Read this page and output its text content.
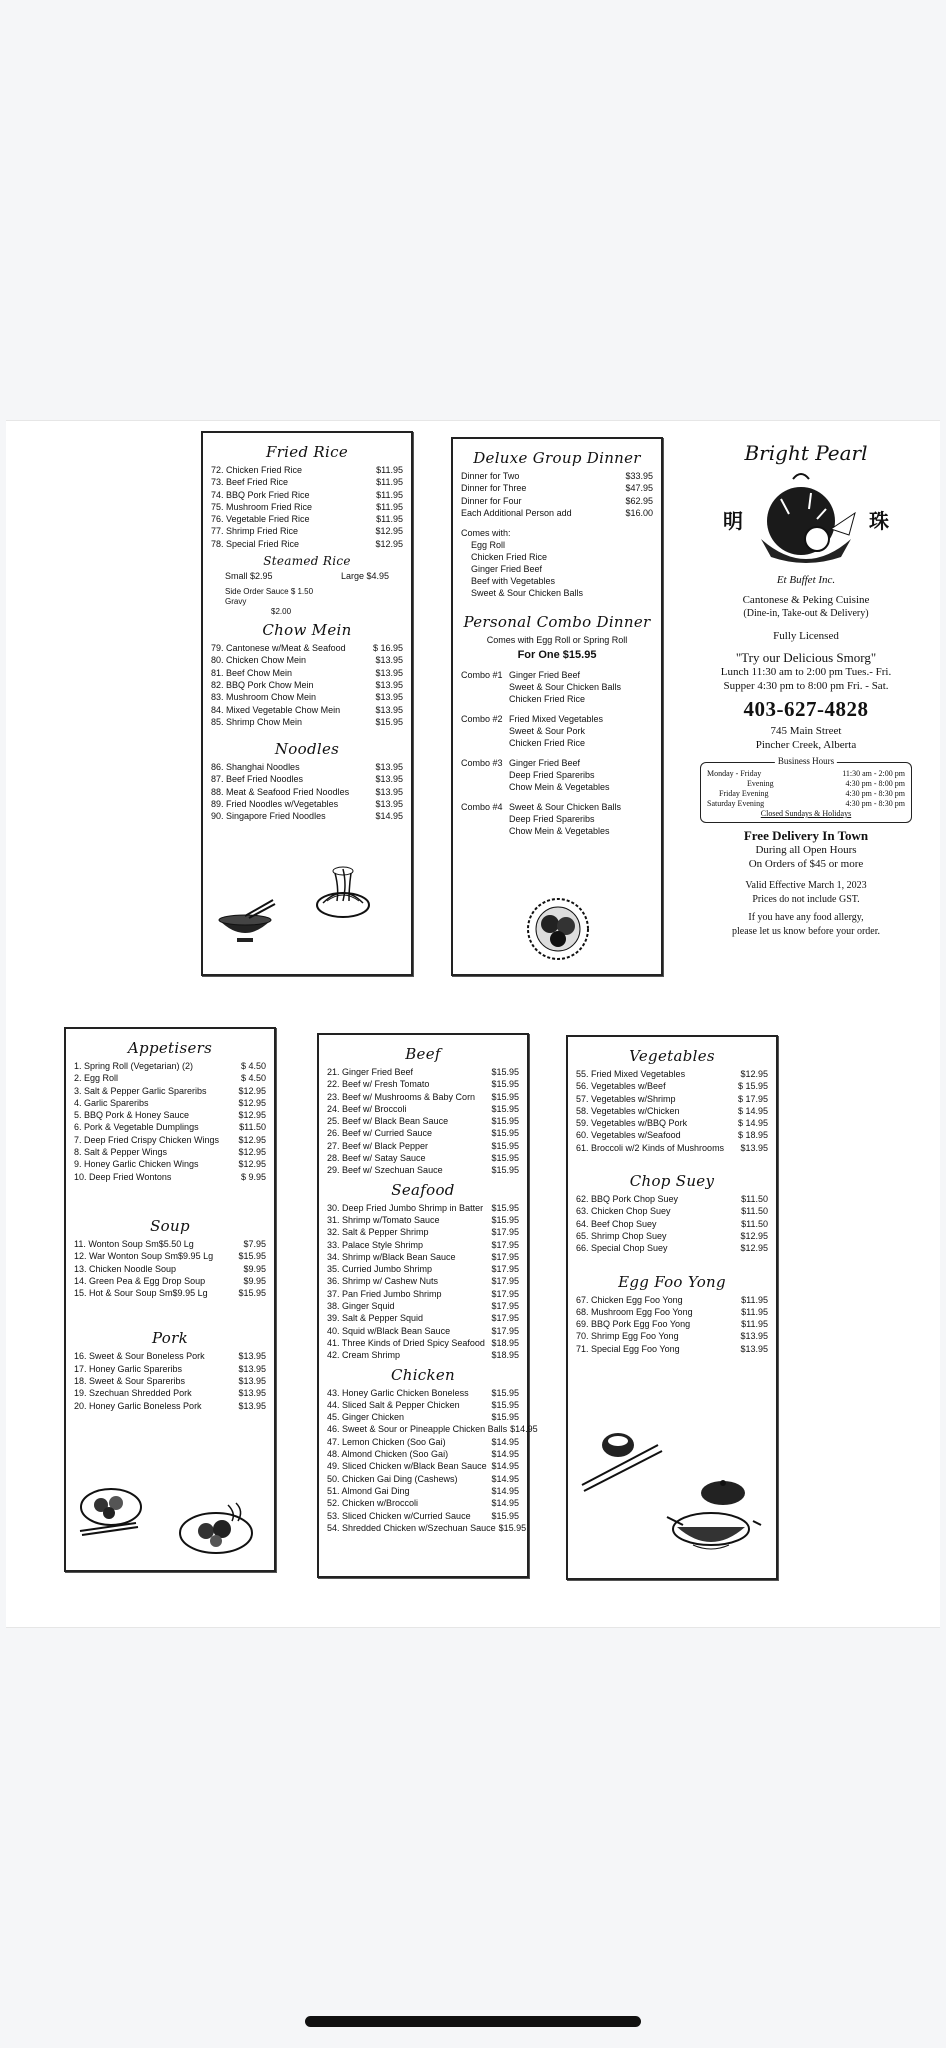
Fried Rice
72. Chicken Fried Rice	$11.95
73. Beef Fried Rice	$11.95
74. BBQ Pork Fried Rice	$11.95
75. Mushroom Fried Rice	$11.95
76. Vegetable Fried Rice	$11.95
77. Shrimp Fried Rice	$12.95
78. Special Fried Rice	$12.95
Steamed Rice
Small $2.95	Large $4.95
Side Order Sauce $ 1.50
Gravy
$2.00
Chow Mein
79. Cantonese w/Meat & Seafood	$ 16.95
80. Chicken Chow Mein	$13.95
81. Beef Chow Mein	$13.95
82. BBQ Pork Chow Mein	$13.95
83. Mushroom Chow Mein	$13.95
84. Mixed Vegetable Chow Mein	$13.95
85. Shrimp Chow Mein	$15.95
Noodles
86. Shanghai Noodles	$13.95
87. Beef Fried Noodles	$13.95
88. Meat & Seafood Fried Noodles	$13.95
89. Fried Noodles w/Vegetables	$13.95
90. Singapore Fried Noodles	$14.95
Deluxe Group Dinner
Dinner for Two	$33.95
Dinner for Three	$47.95
Dinner for Four	$62.95
Each Additional Person add	$16.00
Comes with:
Egg Roll
Chicken Fried Rice
Ginger Fried Beef
Beef with Vegetables
Sweet & Sour Chicken Balls
Personal Combo Dinner
Comes with Egg Roll or Spring Roll
For One $15.95
Combo #1 Ginger Fried Beef
Sweet & Sour Chicken Balls
Chicken Fried Rice
Combo #2 Fried Mixed Vegetables
Sweet & Sour Pork
Chicken Fried Rice
Combo #3 Ginger Fried Beef
Deep Fried Spareribs
Chow Mein & Vegetables
Combo #4 Sweet & Sour Chicken Balls
Deep Fried Spareribs
Chow Mein & Vegetables
Bright Pearl
明	珠
Et Buffet Inc.
Cantonese & Peking Cuisine
(Dine-in, Take-out & Delivery)
Fully Licensed
"Try our Delicious Smorg"
Lunch 11:30 am to 2:00 pm Tues.- Fri.
Supper 4:30 pm to 8:00 pm Fri. - Sat.
403-627-4828
745 Main Street
Pincher Creek, Alberta
Business Hours
Monday - Friday	11:30 am - 2:00 pm
Evening	4:30 pm - 8:00 pm
Friday Evening	4:30 pm - 8:30 pm
Saturday Evening	4:30 pm - 8:30 pm
Closed Sundays & Holidays
Free Delivery In Town
During all Open Hours
On Orders of $45 or more
Valid Effective March 1, 2023
Prices do not include GST.
If you have any food allergy,
please let us know before your order.
Appetisers
1. Spring Roll (Vegetarian) (2)	$ 4.50
2. Egg Roll	$ 4.50
3. Salt & Pepper Garlic Spareribs	$12.95
4. Garlic Spareribs	$12.95
5. BBQ Pork & Honey Sauce	$12.95
6. Pork & Vegetable Dumplings	$11.50
7. Deep Fried Crispy Chicken Wings	$12.95
8. Salt & Pepper Wings	$12.95
9. Honey Garlic Chicken Wings	$12.95
10. Deep Fried Wontons	$ 9.95
Soup
11. Wonton Soup Sm$5.50 Lg	$7.95
12. War Wonton Soup Sm$9.95 Lg	$15.95
13. Chicken Noodle Soup	$9.95
14. Green Pea & Egg Drop Soup	$9.95
15. Hot & Sour Soup Sm$9.95 Lg	$15.95
Pork
16. Sweet & Sour Boneless Pork	$13.95
17. Honey Garlic Spareribs	$13.95
18. Sweet & Sour Spareribs	$13.95
19. Szechuan Shredded Pork	$13.95
20. Honey Garlic Boneless Pork	$13.95
Beef
21. Ginger Fried Beef	$15.95
22. Beef w/ Fresh Tomato	$15.95
23. Beef w/ Mushrooms & Baby Corn	$15.95
24. Beef w/ Broccoli	$15.95
25. Beef w/ Black Bean Sauce	$15.95
26. Beef w/ Curried Sauce	$15.95
27. Beef w/ Black Pepper	$15.95
28. Beef w/ Satay Sauce	$15.95
29. Beef w/ Szechuan Sauce	$15.95
Seafood
30. Deep Fried Jumbo Shrimp in Batter $15.95
31. Shrimp w/Tomato Sauce	$15.95
32. Salt & Pepper Shrimp	$17.95
33. Palace Style Shrimp	$17.95
34. Shrimp w/Black Bean Sauce	$17.95
35. Curried Jumbo Shrimp	$17.95
36. Shrimp w/ Cashew Nuts	$17.95
37. Pan Fried Jumbo Shrimp	$17.95
38. Ginger Squid	$17.95
39. Salt & Pepper Squid	$17.95
40. Squid w/Black Bean Sauce	$17.95
41. Three Kinds of Dried Spicy Seafood $18.95
42. Cream Shrimp	$18.95
Chicken
43. Honey Garlic Chicken Boneless	$15.95
44. Sliced Salt & Pepper Chicken	$15.95
45. Ginger Chicken	$15.95
46. Sweet & Sour or Pineapple Chicken Balls $14.95
47. Lemon Chicken (Soo Gai)	$14.95
48. Almond Chicken (Soo Gai)	$14.95
49. Sliced Chicken w/Black Bean Sauce $14.95
50. Chicken Gai Ding (Cashews)	$14.95
51. Almond Gai Ding	$14.95
52. Chicken w/Broccoli	$14.95
53. Sliced Chicken w/Curried Sauce	$15.95
54. Shredded Chicken w/Szechuan Sauce $15.95
Vegetables
55. Fried Mixed Vegetables	$12.95
56. Vegetables w/Beef	$ 15.95
57. Vegetables w/Shrimp	$ 17.95
58. Vegetables w/Chicken	$ 14.95
59. Vegetables w/BBQ Pork	$ 14.95
60. Vegetables w/Seafood	$ 18.95
61. Broccoli w/2 Kinds of Mushrooms	$13.95
Chop Suey
62. BBQ Pork Chop Suey	$11.50
63. Chicken Chop Suey	$11.50
64. Beef Chop Suey	$11.50
65. Shrimp Chop Suey	$12.95
66. Special Chop Suey	$12.95
Egg Foo Yong
67. Chicken Egg Foo Yong	$11.95
68. Mushroom Egg Foo Yong	$11.95
69. BBQ Pork Egg Foo Yong	$11.95
70. Shrimp Egg Foo Yong	$13.95
71. Special Egg Foo Yong	$13.95
